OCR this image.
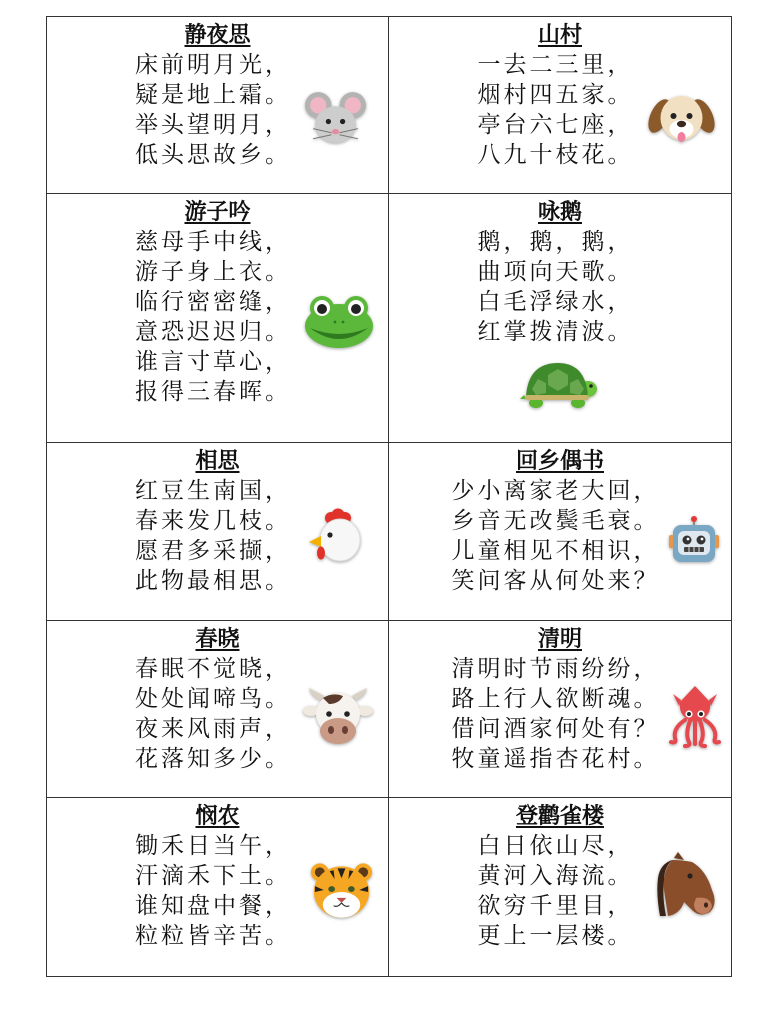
静夜思
床前明月光，
疑是地上霜。
举头望明月，
低头思故乡。
山村
一去二三里，
烟村四五家。
亭台六七座，
八九十枝花。
游子吟
慈母手中线，
游子身上衣。
临行密密缝，
意恐迟迟归。
谁言寸草心，
报得三春晖。
咏鹅
鹅，鹅，鹅，
曲项向天歌。
白毛浮绿水，
红掌拨清波。
相思
红豆生南国，
春来发几枝。
愿君多采撷，
此物最相思。
回乡偶书
少小离家老大回，
乡音无改鬓毛衰。
儿童相见不相识，
笑问客从何处来？
春晓
春眠不觉晓，
处处闻啼鸟。
夜来风雨声，
花落知多少。
清明
清明时节雨纷纷，
路上行人欲断魂。
借问酒家何处有？
牧童遥指杏花村。
悯农
锄禾日当午，
汗滴禾下土。
谁知盘中餐，
粒粒皆辛苦。
登鹳雀楼
白日依山尽，
黄河入海流。
欲穷千里目，
更上一层楼。
